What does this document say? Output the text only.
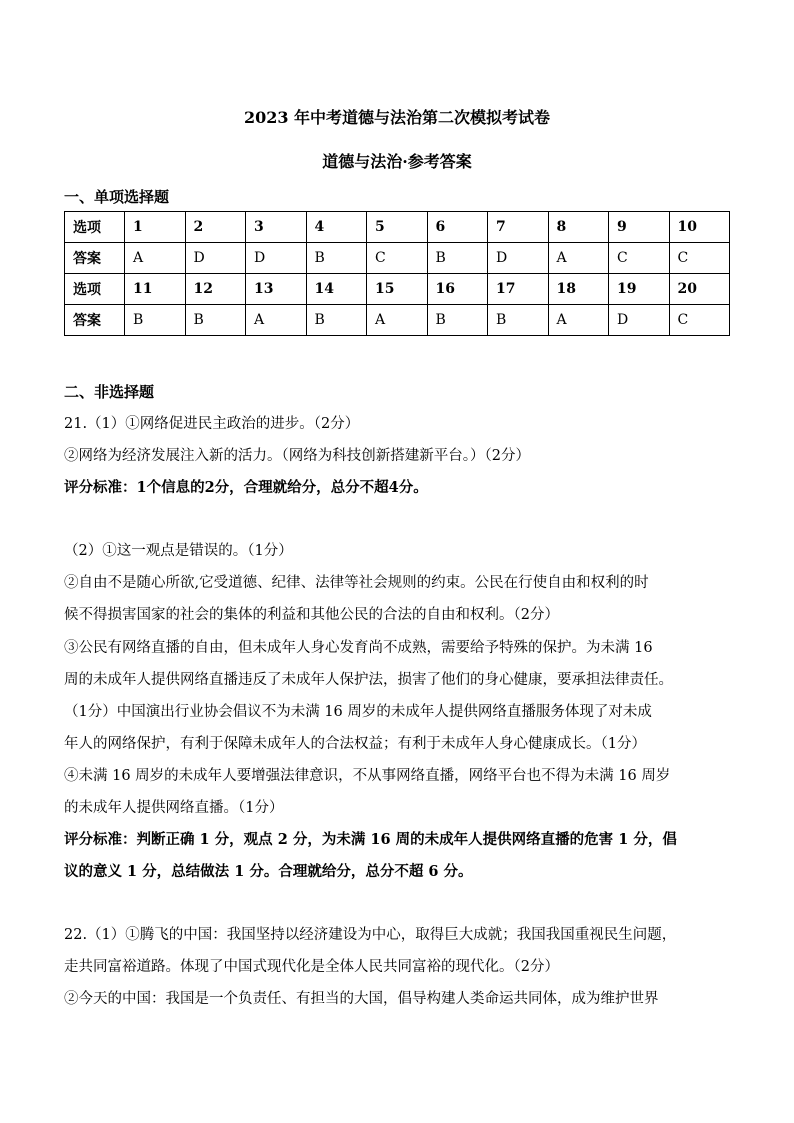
2023 年中考道德与法治第二次模拟考试卷
道德与法治·参考答案
一、单项选择题
选项	1	2	3	4	5	6	7	8	9	10
答案	A	D	D	B	C	B	D	A	C	C
选项	11	12	13	14	15	16	17	18	19	20
答案	B	B	A	B	A	B	B	A	D	C
二、非选择题
21.（1）①网络促进民主政治的进步。（2分）
②网络为经济发展注入新的活力。（网络为科技创新搭建新平台。）（2分）
评分标准：1个信息的2分，合理就给分，总分不超4分。
（2）①这一观点是错误的。（1分）
②自由不是随心所欲,它受道德、纪律、法律等社会规则的约束。公民在行使自由和权利的时
候不得损害国家的社会的集体的利益和其他公民的合法的自由和权利。（2分）
③公民有网络直播的自由，但未成年人身心发育尚不成熟，需要给予特殊的保护。为未满 16
周的未成年人提供网络直播违反了未成年人保护法，损害了他们的身心健康，要承担法律责任。
（1分）中国演出行业协会倡议不为未满 16 周岁的未成年人提供网络直播服务体现了对未成
年人的网络保护，有利于保障未成年人的合法权益；有利于未成年人身心健康成长。（1分）
④未满 16 周岁的未成年人要增强法律意识，不从事网络直播，网络平台也不得为未满 16 周岁
的未成年人提供网络直播。（1分）
评分标准：判断正确 1 分，观点 2 分，为未满 16 周的未成年人提供网络直播的危害 1 分，倡
议的意义 1 分，总结做法 1 分。合理就给分，总分不超 6 分。
22.（1）①腾飞的中国：我国坚持以经济建设为中心，取得巨大成就；我国我国重视民生问题，
走共同富裕道路。体现了中国式现代化是全体人民共同富裕的现代化。（2分）
②今天的中国：我国是一个负责任、有担当的大国，倡导构建人类命运共同体，成为维护世界
